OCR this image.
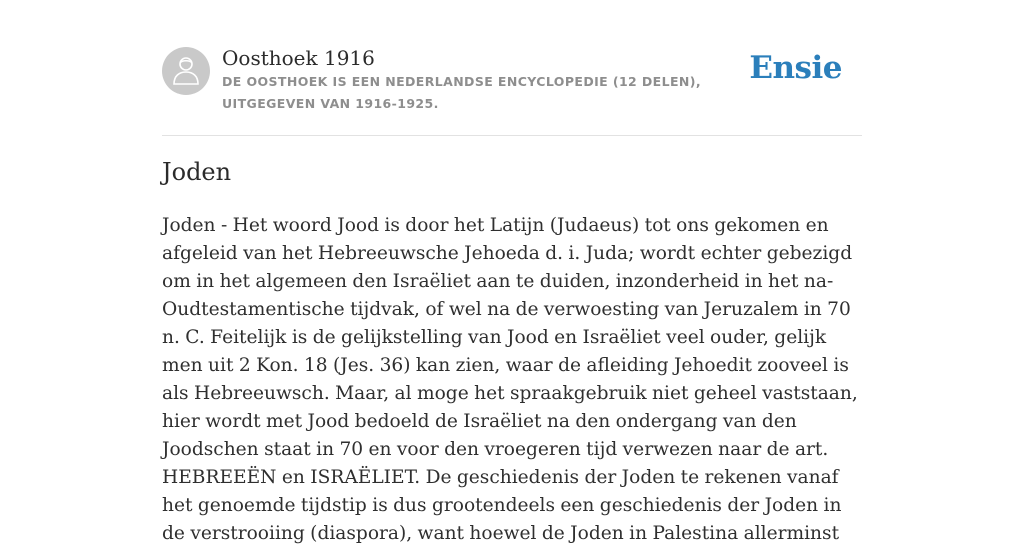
Oosthoek 1916
DE OOSTHOEK IS EEN NEDERLANDSE ENCYCLOPEDIE (12 DELEN), UITGEGEVEN VAN 1916-1925.
Ensie
Joden

Joden - Het woord Jood is door het Latijn (Judaeus) tot ons gekomen en afgeleid van het Hebreeuwsche Jehoeda d. i. Juda; wordt echter gebezigd om in het algemeen den Israëliet aan te duiden, inzonderheid in het na-Oudtestamentische tijdvak, of wel na de verwoesting van Jeruzalem in 70 n. C. Feitelijk is de gelijkstelling van Jood en Israëliet veel ouder, gelijk men uit 2 Kon. 18 (Jes. 36) kan zien, waar de afleiding Jehoedit zooveel is als Hebreeuwsch. Maar, al moge het spraakgebruik niet geheel vaststaan, hier wordt met Jood bedoeld de Israëliet na den ondergang van den Joodschen staat in 70 en voor den vroegeren tijd verwezen naar de art. HEBREEËN en ISRAËLIET. De geschiedenis der Joden te rekenen vanaf het genoemde tijdstip is dus grootendeels een geschiedenis der Joden in de verstrooiing (diaspora), want hoewel de Joden in Palestina allerminst
